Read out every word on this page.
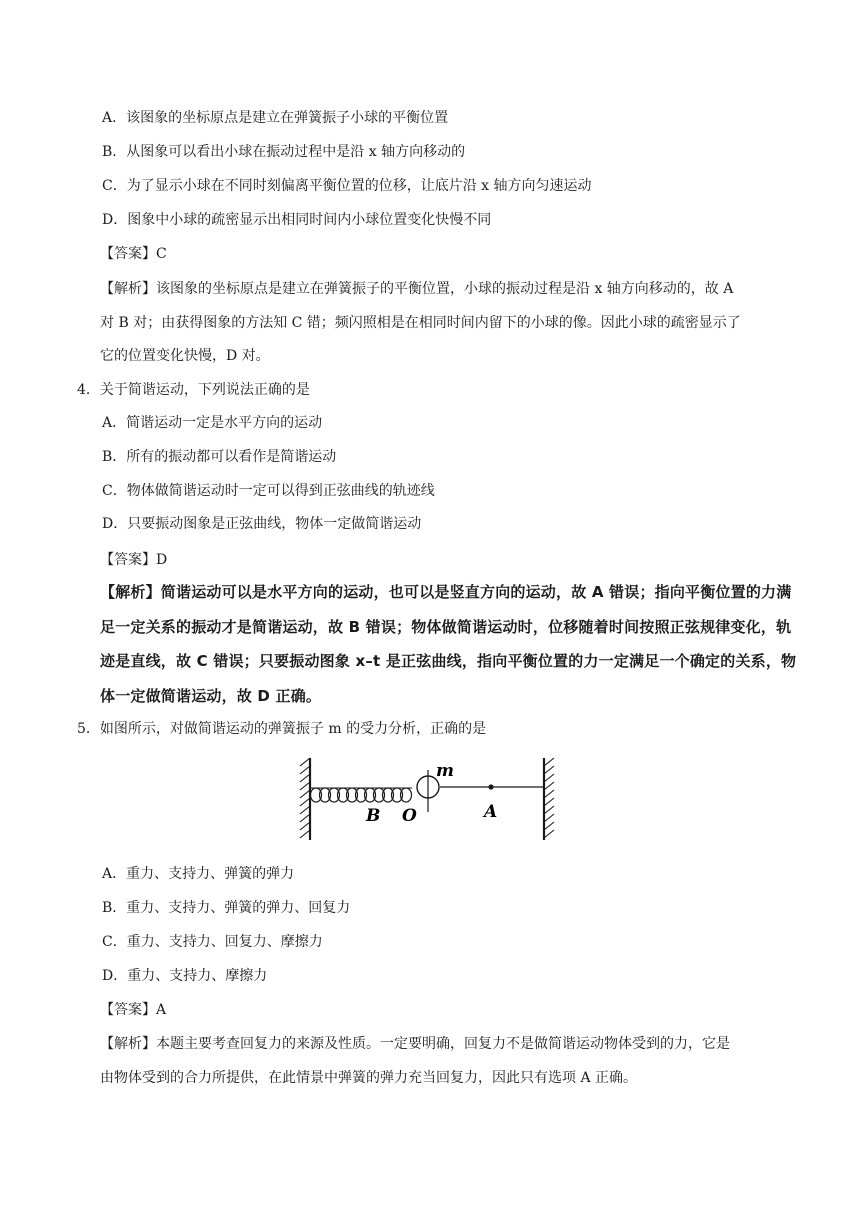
A．该图象的坐标原点是建立在弹簧振子小球的平衡位置
B．从图象可以看出小球在振动过程中是沿 x 轴方向移动的
C．为了显示小球在不同时刻偏离平衡位置的位移，让底片沿 x 轴方向匀速运动
D．图象中小球的疏密显示出相同时间内小球位置变化快慢不同
【答案】C
【解析】该图象的坐标原点是建立在弹簧振子的平衡位置，小球的振动过程是沿 x 轴方向移动的，故 A
对 B 对；由获得图象的方法知 C 错；频闪照相是在相同时间内留下的小球的像。因此小球的疏密显示了
它的位置变化快慢，D 对。
4．关于简谐运动，下列说法正确的是
A．简谐运动一定是水平方向的运动
B．所有的振动都可以看作是简谐运动
C．物体做简谐运动时一定可以得到正弦曲线的轨迹线
D．只要振动图象是正弦曲线，物体一定做简谐运动
【答案】D
【解析】简谐运动可以是水平方向的运动，也可以是竖直方向的运动，故 A 错误；指向平衡位置的力满
足一定关系的振动才是简谐运动，故 B 错误；物体做简谐运动时，位移随着时间按照正弦规律变化，轨
迹是直线，故 C 错误；只要振动图象 x–t 是正弦曲线，指向平衡位置的力一定满足一个确定的关系，物
体一定做简谐运动，故 D 正确。
5．如图所示，对做简谐运动的弹簧振子 m 的受力分析，正确的是
m
B O	A
A．重力、支持力、弹簧的弹力
B．重力、支持力、弹簧的弹力、回复力
C．重力、支持力、回复力、摩擦力
D．重力、支持力、摩擦力
【答案】A
【解析】本题主要考查回复力的来源及性质。一定要明确，回复力不是做简谐运动物体受到的力，它是
由物体受到的合力所提供，在此情景中弹簧的弹力充当回复力，因此只有选项 A 正确。
